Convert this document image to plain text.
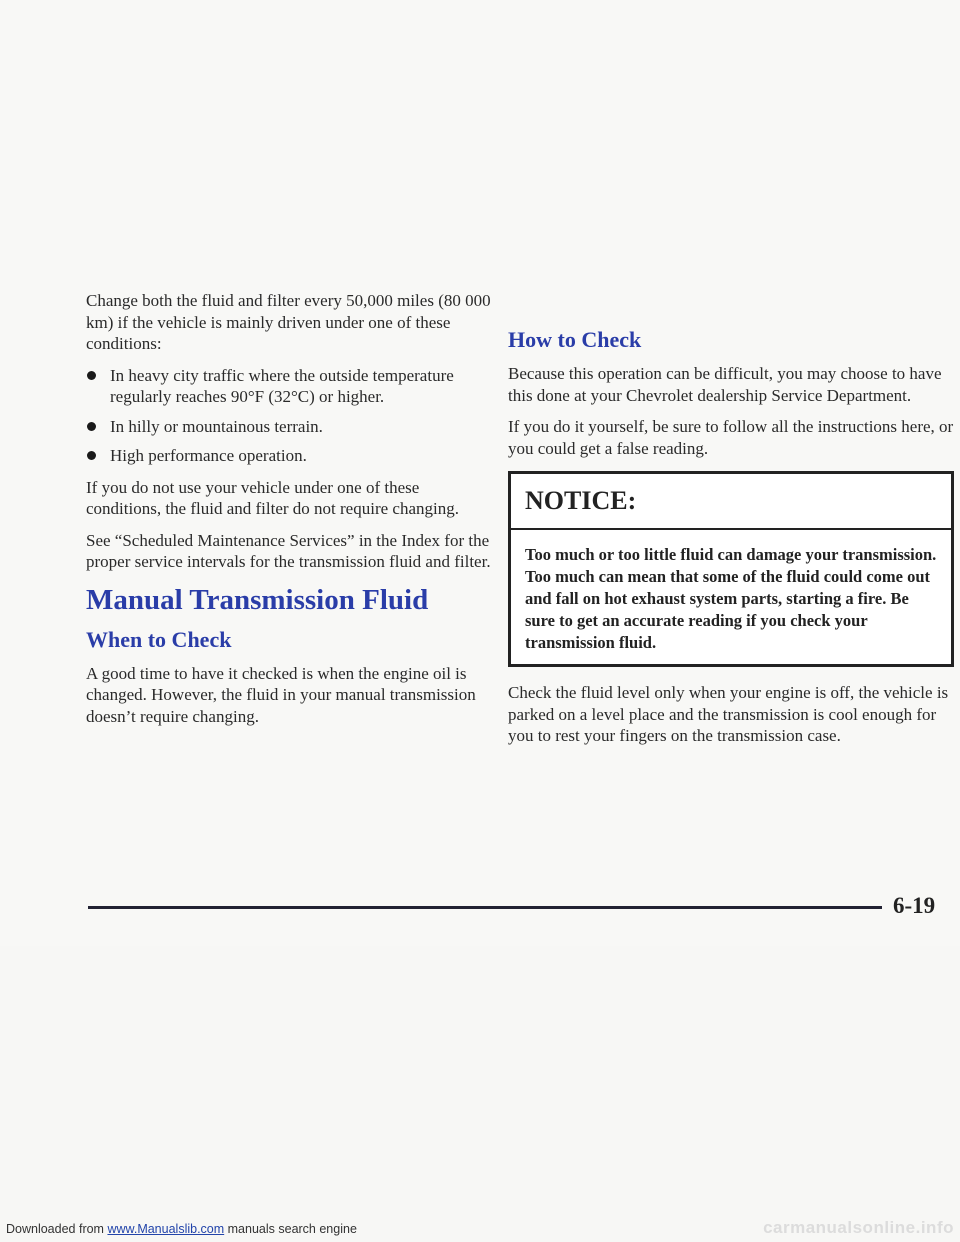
Change both the fluid and filter every 50,000 miles (80 000 km) if the vehicle is mainly driven under one of these conditions:

In heavy city traffic where the outside temperature regularly reaches 90°F (32°C) or higher.
In hilly or mountainous terrain.
High performance operation.

If you do not use your vehicle under one of these conditions, the fluid and filter do not require changing.

See “Scheduled Maintenance Services” in the Index for the proper service intervals for the transmission fluid and filter.

Manual Transmission Fluid
When to Check

A good time to have it checked is when the engine oil is changed. However, the fluid in your manual transmission doesn’t require changing.

How to Check

Because this operation can be difficult, you may choose to have this done at your Chevrolet dealership Service Department.

If you do it yourself, be sure to follow all the instructions here, or you could get a false reading.

NOTICE:
Too much or too little fluid can damage your transmission. Too much can mean that some of the fluid could come out and fall on hot exhaust system parts, starting a fire. Be sure to get an accurate reading if you check your transmission fluid.

Check the fluid level only when your engine is off, the vehicle is parked on a level place and the transmission is cool enough for you to rest your fingers on the transmission case.

6-19
Downloaded from www.Manualslib.com manuals search engine	carmanualsonline.info
